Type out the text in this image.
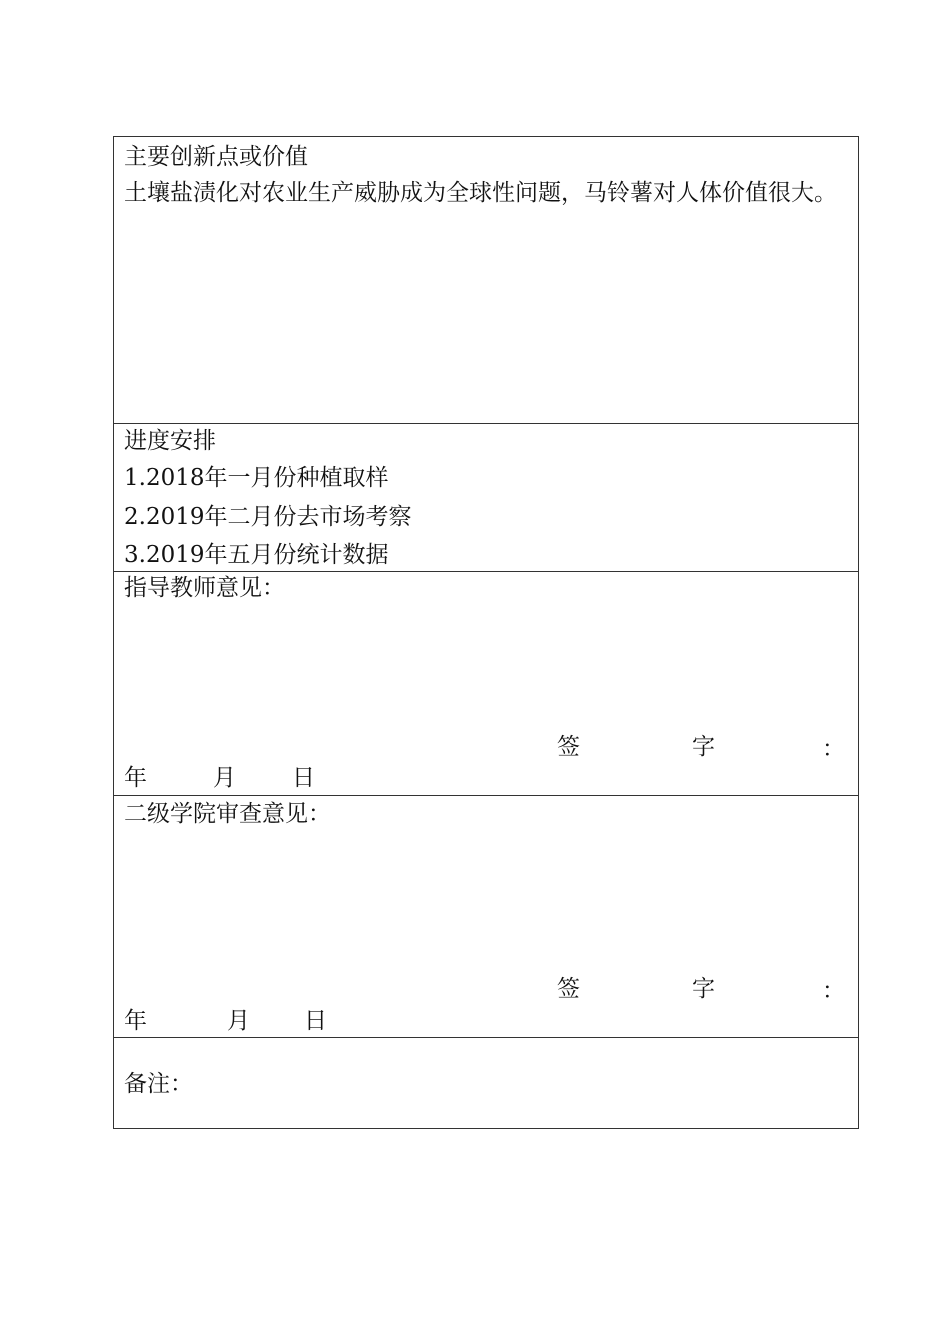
主要创新点或价值
土壤盐渍化对农业生产威胁成为全球性问题，马铃薯对人体价值很大。
进度安排
1.2018年一月份种植取样
2.2019年二月份去市场考察
3.2019年五月份统计数据
指导教师意见：
签	字	：
年	月 日
二级学院审查意见：
签	字	：
年	月 日
备注：
